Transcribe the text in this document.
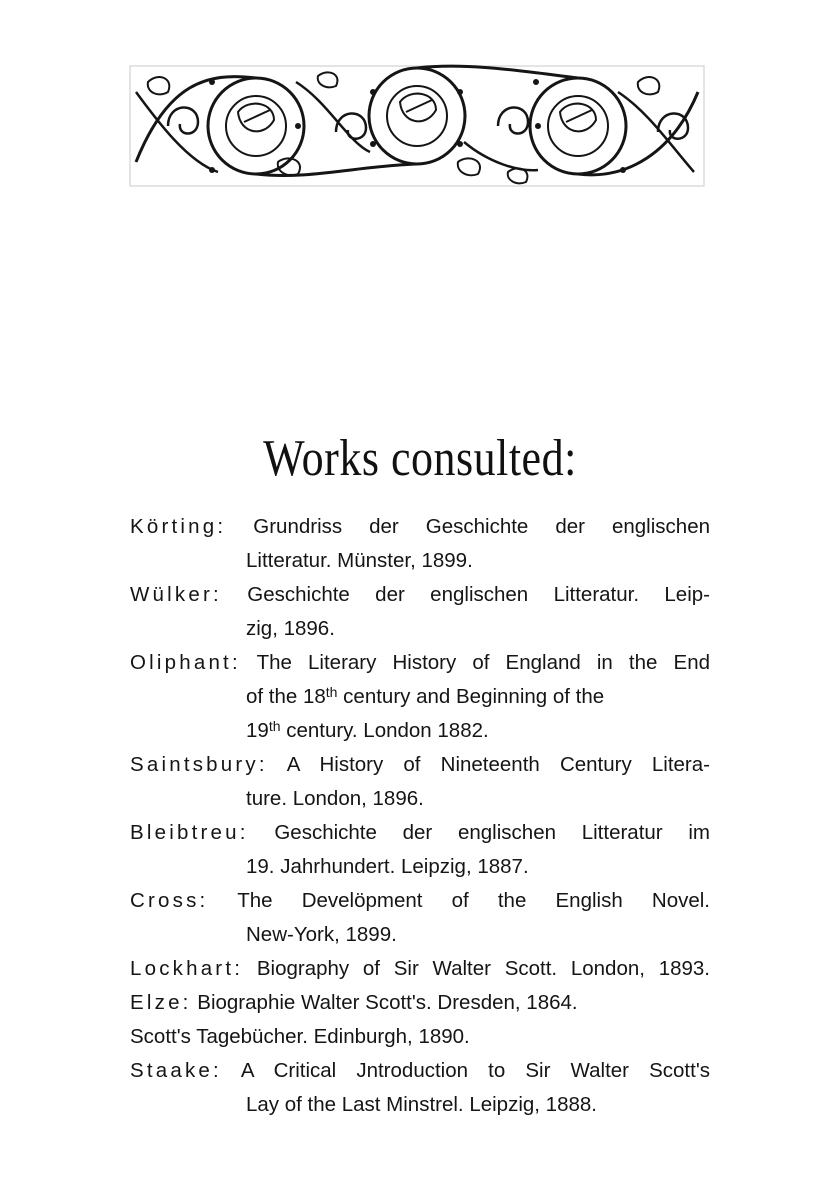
Works consulted:
Körting: Grundriss der Geschichte der englischen
Litteratur. Münster, 1899.
Wülker: Geschichte der englischen Litteratur. Leip-
zig, 1896.
Oliphant: The Literary History of England in the End
of the 18th century and Beginning of the
19th century. London 1882.
Saintsbury: A History of Nineteenth Century Litera-
ture. London, 1896.
Bleibtreu: Geschichte der englischen Litteratur im
19. Jahrhundert. Leipzig, 1887.
Cross: The Develöpment of the English Novel.
New-York, 1899.
Lockhart: Biography of Sir Walter Scott. London, 1893.
Elze: Biographie Walter Scott's. Dresden, 1864.
Scott's Tagebücher. Edinburgh, 1890.
Staake: A Critical Jntroduction to Sir Walter Scott's
Lay of the Last Minstrel. Leipzig, 1888.
